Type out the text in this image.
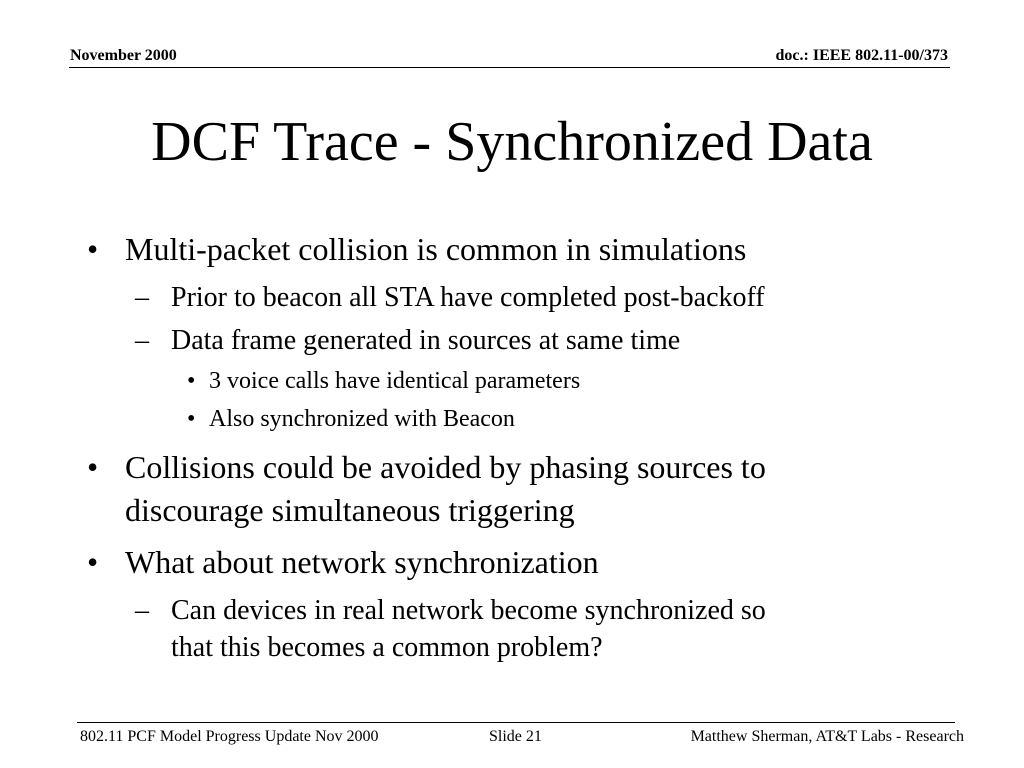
November 2000	doc.: IEEE 802.11-00/373
DCF Trace - Synchronized Data
• Multi-packet collision is common in simulations
– Prior to beacon all STA have completed post-backoff
– Data frame generated in sources at same time
• 3 voice calls have identical parameters
• Also synchronized with Beacon
• Collisions could be avoided by phasing sources to
discourage simultaneous triggering
• What about network synchronization
– Can devices in real network become synchronized so
that this becomes a common problem?
802.11 PCF Model Progress Update Nov 2000	Slide 21	Matthew Sherman, AT&T Labs - Research
